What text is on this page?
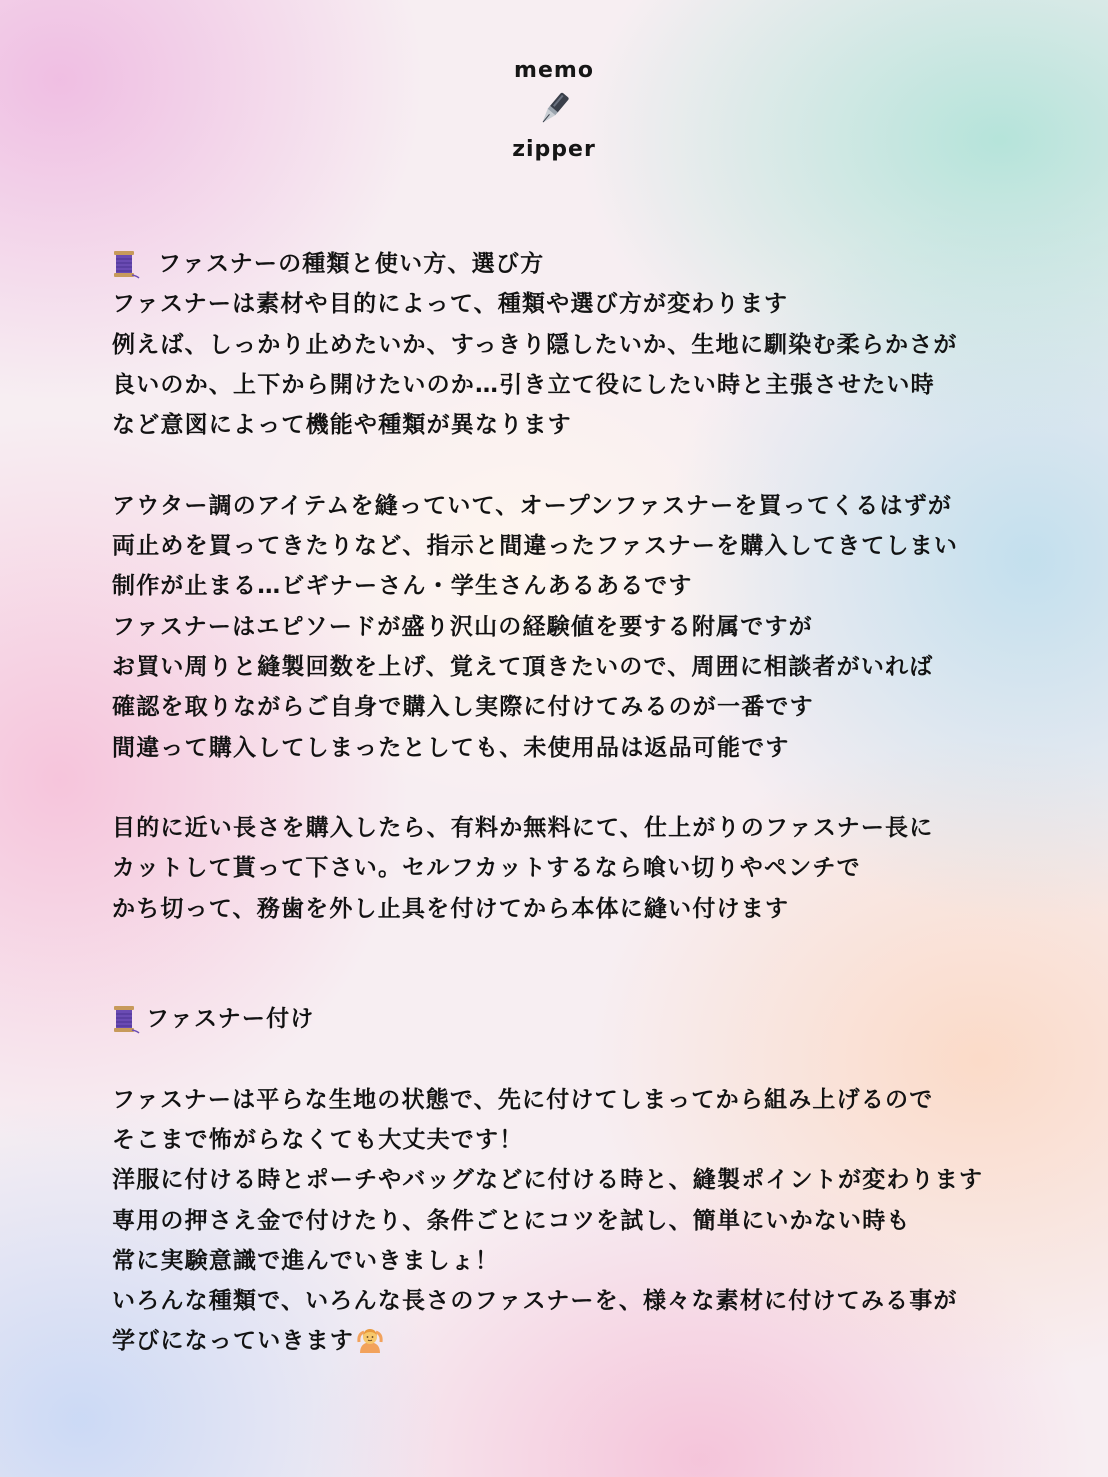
memo
zipper
ファスナーの種類と使い方、選び方
ファスナーは素材や目的によって、種類や選び方が変わります
例えば、しっかり止めたいか、すっきり隠したいか、生地に馴染む柔らかさが
良いのか、上下から開けたいのか…引き立て役にしたい時と主張させたい時
など意図によって機能や種類が異なります
アウター調のアイテムを縫っていて、オープンファスナーを買ってくるはずが
両止めを買ってきたりなど、指示と間違ったファスナーを購入してきてしまい
制作が止まる…ビギナーさん・学生さんあるあるです
ファスナーはエピソードが盛り沢山の経験値を要する附属ですが
お買い周りと縫製回数を上げ、覚えて頂きたいので、周囲に相談者がいれば
確認を取りながらご自身で購入し実際に付けてみるのが一番です
間違って購入してしまったとしても、未使用品は返品可能です
目的に近い長さを購入したら、有料か無料にて、仕上がりのファスナー長に
カットして貰って下さい。セルフカットするなら喰い切りやペンチで
かち切って、務歯を外し止具を付けてから本体に縫い付けます
ファスナー付け
ファスナーは平らな生地の状態で、先に付けてしまってから組み上げるので
そこまで怖がらなくても大丈夫です！
洋服に付ける時とポーチやバッグなどに付ける時と、縫製ポイントが変わります
専用の押さえ金で付けたり、条件ごとにコツを試し、簡単にいかない時も
常に実験意識で進んでいきましょ！
いろんな種類で、いろんな長さのファスナーを、様々な素材に付けてみる事が
学びになっていきます
